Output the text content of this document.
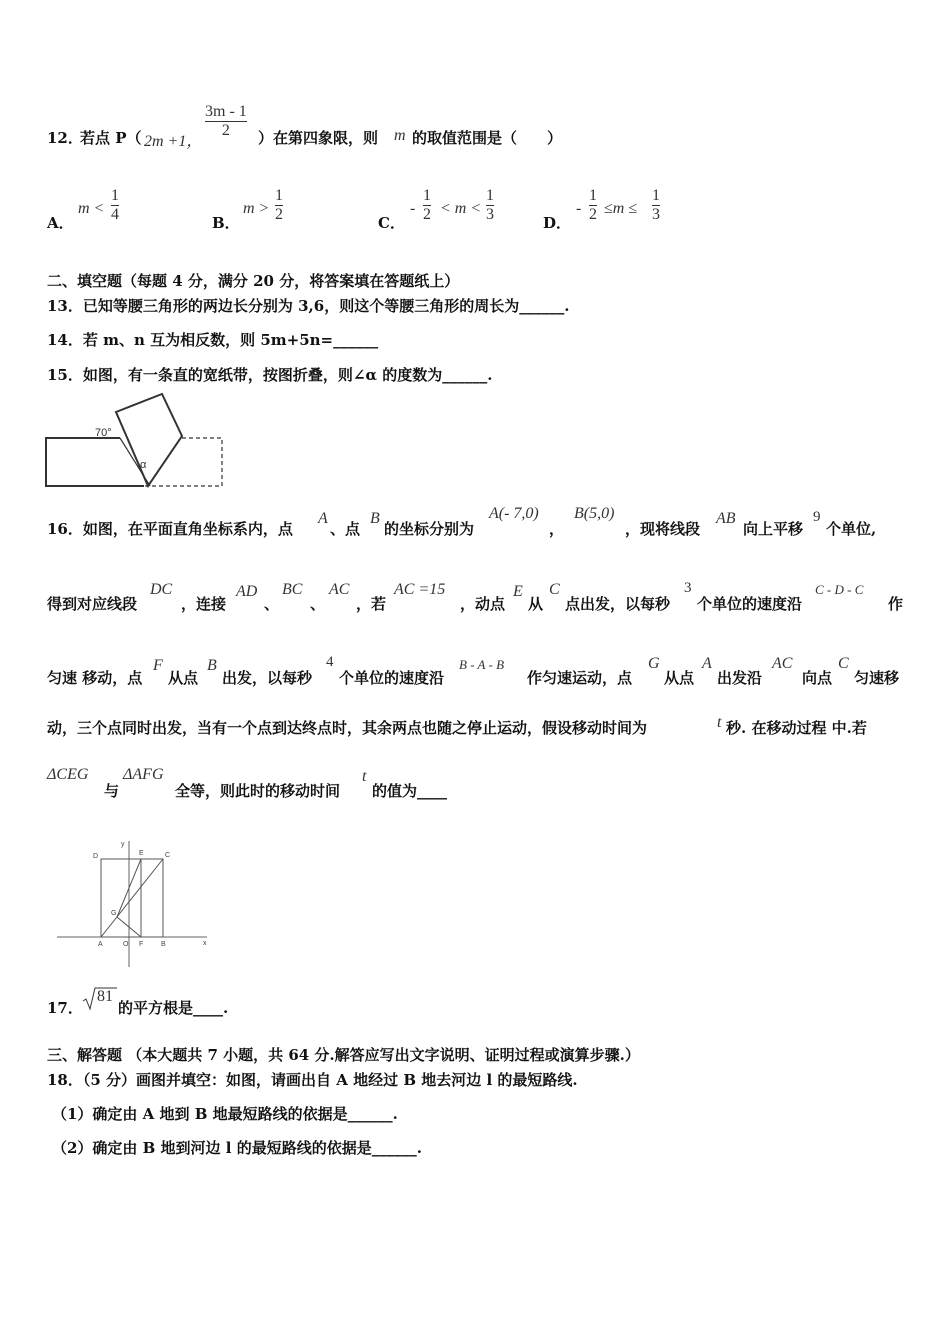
12．
若点 P（ 2m +1，
3m - 1
2 ）在第四象限，则 m 的取值范围是（　　）
A．
m <
1
4	B．
m >
1
2	C．
-
1
2 < m <
1
3	D．
-
1
2 ≤m ≤
1
3
二、填空题（每题 4 分，满分 20 分，将答案填在答题纸上）
13．已知等腰三角形的两边长分别为 3,6，则这个等腰三角形的周长为______.
14．若 m、n 互为相反数，则 5m+5n=______
15．如图，有一条直的宽纸带，按图折叠，则∠α 的度数为______.
70°
α
16．如图，在平面直角坐标系内，点
A
、点
B
的坐标分别为
A(- 7,0)
，
B(5,0)
，现将线段
AB
向上平移
9
个单位,
得到对应线段
DC
，连接
AD
、
BC
、
AC
，若
AC =15
，动点
E
从
C
点出发，以每秒
3
个单位的速度沿
C - D - C
作
匀速 移动，点
F
从点
B
出发，以每秒
4
个单位的速度沿
B - A - B
作匀速运动，点
G
从点
A
出发沿
AC
向点
C
匀速移
动，三个点同时出发，当有一个点到达终点时，其余两点也随之停止运动，假设移动时间为	t 秒. 在移动过程 中.若
ΔCEG
与
ΔAFG
全等，则此时的移动时间
t
的值为____
D	E	C
G
A	O F	B
y
x
17．
81
的平方根是____.
三、解答题 （本大题共 7 小题，共 64 分.解答应写出文字说明、证明过程或演算步骤.）
18．（5 分）画图并填空：如图，请画出自 A 地经过 B 地去河边 l 的最短路线.
（1）确定由 A 地到 B 地最短路线的依据是______.
（2）确定由 B 地到河边 l 的最短路线的依据是______.
